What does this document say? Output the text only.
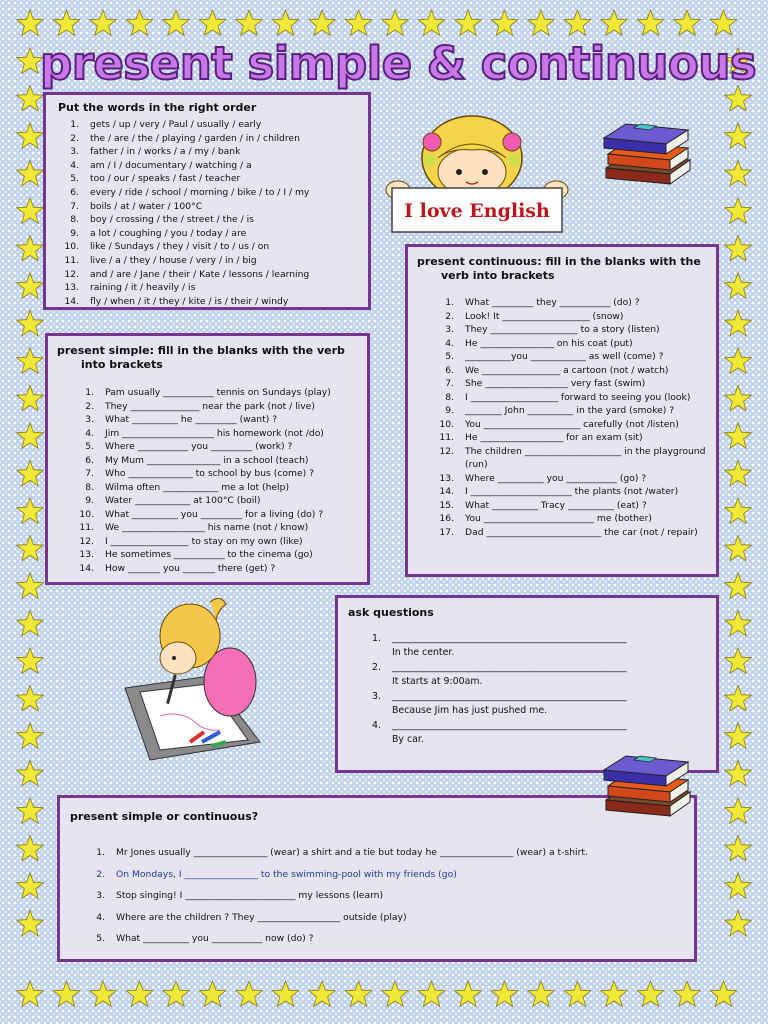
present simple & continuous
Put the words in the right order
1.	gets / up / very / Paul / usually / early
2.	the / are / the / playing / garden / in / children
3.	father / in / works / a / my / bank
4.	am / I / documentary / watching / a
5.	too / our / speaks / fast / teacher
6.	every / ride / school / morning / bike / to / I / my
7.	boils / at / water / 100°C
8.	boy / crossing / the / street / the / is
9.	a lot / coughing / you / today / are
10.	like / Sundays / they / visit / to / us / on
11.	live / a / they / house / very / in / big
12.	and / are / Jane / their / Kate / lessons / learning
13.	raining / it / heavily / is
14.	fly / when / it / they / kite / is / their / windy
present simple: fill in the blanks with the verb
into brackets
1.	Pam usually ___________ tennis on Sundays (play)
2.	They _______________ near the park (not / live)
3.	What __________ he _________ (want) ?
4.	Jim ____________________ his homework (not /do)
5.	Where ___________ you _________ (work) ?
6.	My Mum ________________ in a school (teach)
7.	Who ______________ to school by bus (come) ?
8.	Wilma often ____________ me a lot (help)
9.	Water ____________ at 100°C (boil)
10.	What __________ you _________ for a living (do) ?
11.	We __________________ his name (not / know)
12.	I _________________ to stay on my own (like)
13.	He sometimes ___________ to the cinema (go)
14.	How _______ you _______ there (get) ?
present continuous: fill in the blanks with the
verb into brackets
1.	What _________ they ___________ (do) ?
2.	Look! It ___________________ (snow)
3.	They ___________________ to a story (listen)
4.	He ________________ on his coat (put)
5.	__________you ____________ as well (come) ?
6.	We _________________ a cartoon (not / watch)
7.	She __________________ very fast (swim)
8.	I ___________________ forward to seeing you (look)
9.	________ John __________ in the yard (smoke) ?
10.	You _____________________ carefully (not /listen)
11.	He __________________ for an exam (sit)
12.	The children _____________________ in the playground (run)
13.	Where __________ you ___________ (go) ?
14.	I ______________________ the plants (not /water)
15.	What __________ Tracy __________ (eat) ?
16.	You ________________________ me (bother)
17.	Dad _________________________ the car (not / repair)
ask questions
1.	__________________________________________________
In the center.
2.	__________________________________________________
It starts at 9:00am.
3.	__________________________________________________
Because Jim has just pushed me.
4.	__________________________________________________
By car.
present simple or continuous?
1.	Mr Jones usually ________________ (wear) a shirt and a tie but today he ________________ (wear) a t-shirt.
2.	On Mondays, I ________________ to the swimming-pool with my friends (go)
3.	Stop singing! I ________________________ my lessons (learn)
4.	Where are the children ? They __________________ outside (play)
5.	What __________ you ___________ now (do) ?
I love English
